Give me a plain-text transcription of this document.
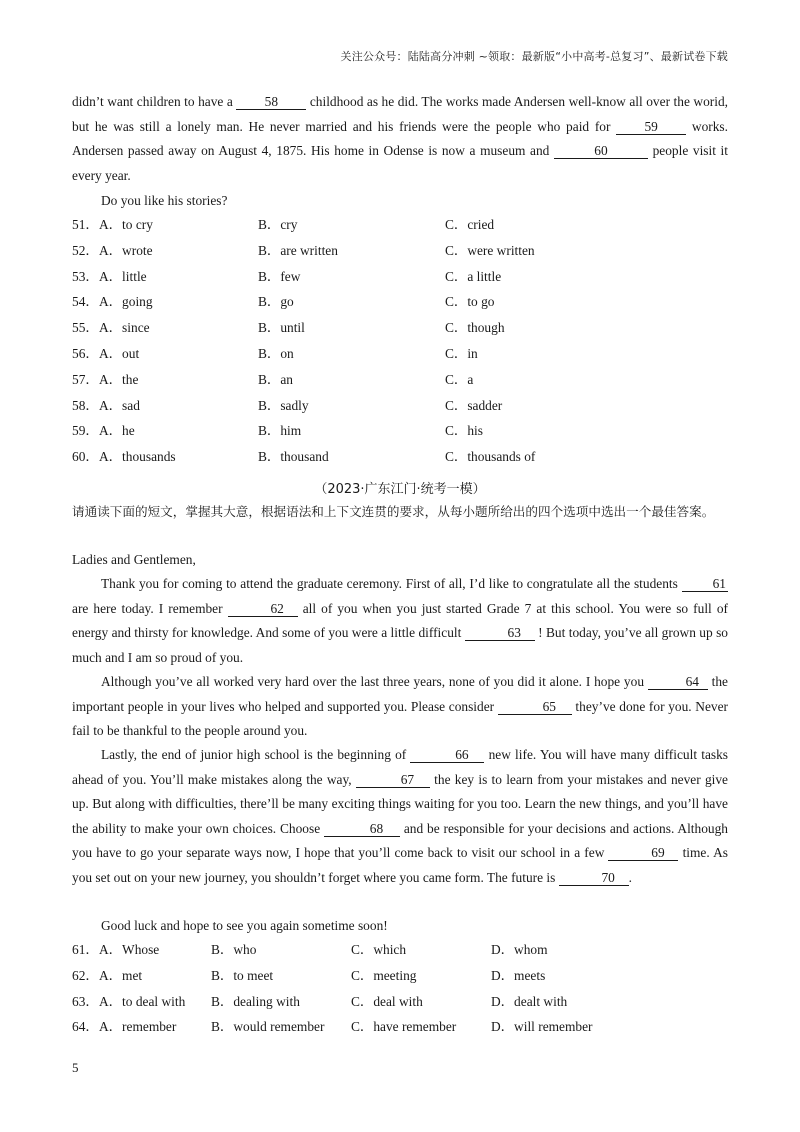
关注公众号：陆陆高分冲刺 ~领取：最新版“小中高考-总复习”、最新试卷下载
didn’t want children to have a 58 childhood as he did. The works made Andersen well-know all over the worid, but he was still a lonely man. He never married and his friends were the people who paid for 59 works. Andersen passed away on August 4, 1875. His home in Odense is now a museum and	60	people visit it every year.
Do you like his stories?
51． A．to cry	B．cry	C．cried
52． A．wrote	B．are written	C．were written
53． A．little	B．few	C．a little
54． A．going	B．go	C．to go
55． A．since	B．until	C．though
56． A．out	B．on	C．in
57． A．the	B．an	C．a
58． A．sad	B．sadly	C．sadder
59． A．he	B．him	C．his
60． A．thousands	B．thousand	C．thousands of
（2023·广东江门·统考一模）
请通读下面的短文，掌握其大意，根据语法和上下文连贯的要求，从每小题所给出的四个选项中选出一个最佳答案。
Ladies and Gentlemen,
Thank you for coming to attend the graduate ceremony. First of all, I’d like to congratulate all the students 61 are here today. I remember	62 all of you when you just started Grade 7 at this school. You were so full of energy and thirsty for knowledge. And some of you were a little difficult	63 ! But today, you’ve all grown up so much and I am so proud of you.
Although you’ve all worked very hard over the last three years, none of you did it alone. I hope you	64 the important people in your lives who helped and supported you. Please consider	65 they’ve done for you. Never fail to be thankful to the people around you.
Lastly, the end of junior high school is the beginning of	66 new life. You will have many difficult tasks ahead of you. You’ll make mistakes along the way,	67 the key is to learn from your mistakes and never give up. But along with difficulties, there’ll be many exciting things waiting for you too. Learn the new things, and you’ll have the ability to make your own choices. Choose	68 and be responsible for your decisions and actions. Although you have to go your separate ways now, I hope that you’ll come back to visit our school in a few	69 time. As you set out on your new journey, you shouldn’t forget where you came form. The future is	70 .
Good luck and hope to see you again sometime soon!
61． A．Whose	B．who	C．which	D．whom
62． A．met	B．to meet	C．meeting	D．meets
63． A．to deal with B．dealing with	C．deal with	D．dealt with
64． A．remember	B．would remember C．have remember	D．will remember
5
